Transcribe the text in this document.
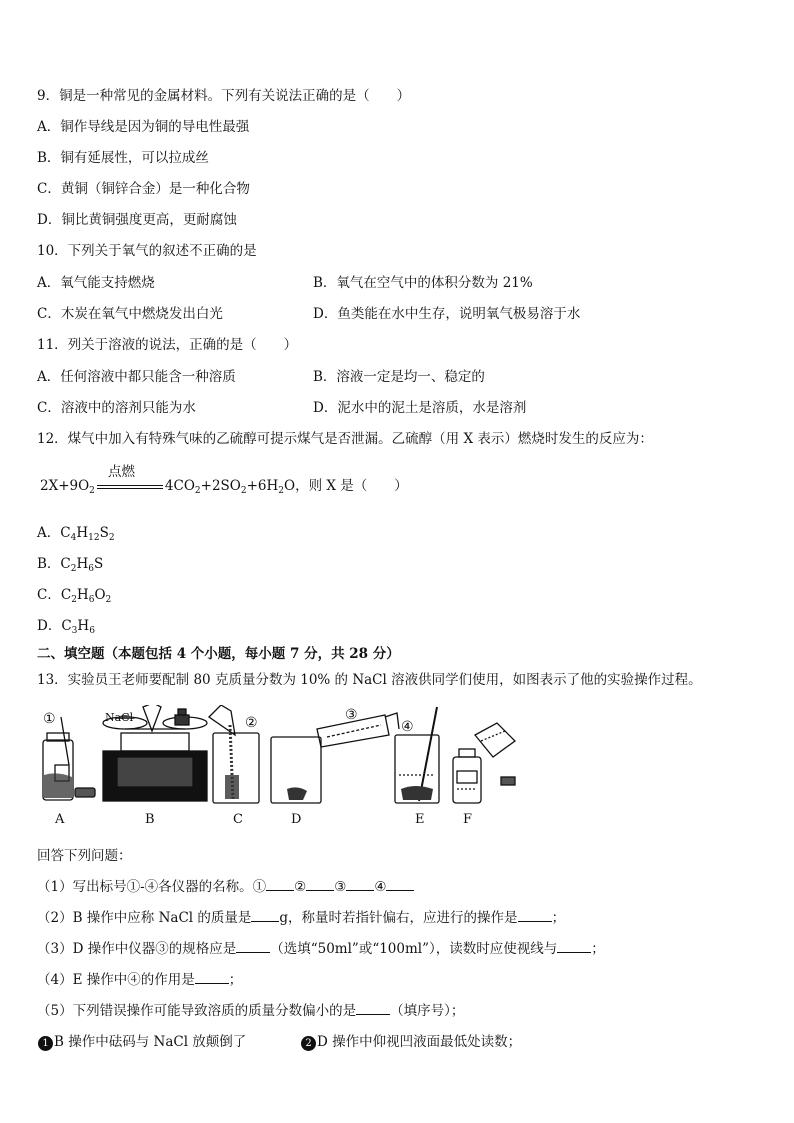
9．铜是一种常见的金属材料。下列有关说法正确的是（　　）
A．铜作导线是因为铜的导电性最强
B．铜有延展性，可以拉成丝
C．黄铜（铜锌合金）是一种化合物
D．铜比黄铜强度更高，更耐腐蚀
10．下列关于氧气的叙述不正确的是
A．氧气能支持燃烧	B．氧气在空气中的体积分数为 21%
C．木炭在氧气中燃烧发出白光	D．鱼类能在水中生存，说明氧气极易溶于水
11．列关于溶液的说法，正确的是（　　）
A．任何溶液中都只能含一种溶质	B．溶液一定是均一、稳定的
C．溶液中的溶剂只能为水	D．泥水中的泥土是溶质，水是溶剂
12．煤气中加入有特殊气味的乙硫醇可提示煤气是否泄漏。乙硫醇（用 X 表示）燃烧时发生的反应为：
点燃
$2X+9O_2$	$4CO_2+2SO_2+6H_2O$，则 X 是（　　）
A．$C_4H_{12}S_2$
B．$C_2H_6S$
C．$C_2H_6O_2$
D．$C_3H_6$
二、填空题（本题包括 4 个小题，每小题 7 分，共 28 分）
13．实验员王老师要配制 80 克质量分数为 10% 的 NaCl 溶液供同学们使用，如图表示了他的实验操作过程。
①	②	③
④
NaCl
A	B	C	D	E	F
回答下列问题：
（1）写出标号①-④各仪器的名称。① ② ③ ④
（2）B 操作中应称 NaCl 的质量是 g，称量时若指针偏右，应进行的操作是	；
（3）D 操作中仪器③的规格应是	（选填“50ml”或“100ml”），读数时应使视线与	；
（4）E 操作中④的作用是	；
（5）下列错误操作可能导致溶质的质量分数偏小的是	（填序号）；
1 B 操作中砝码与 NaCl 放颠倒了	2 D 操作中仰视凹液面最低处读数；
